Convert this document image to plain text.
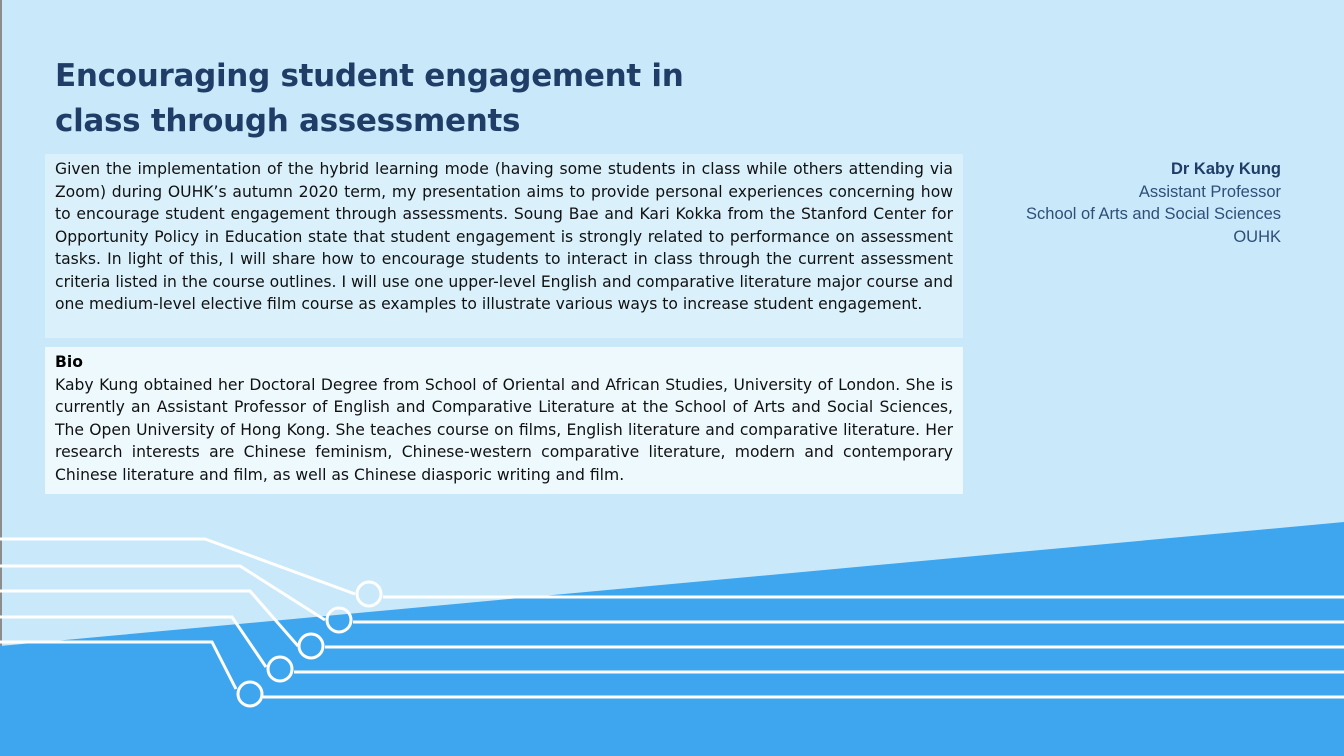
Encouraging student engagement in class through assessments

Given the implementation of the hybrid learning mode (having some students in class while others attending via Zoom) during OUHK’s autumn 2020 term, my presentation aims to provide personal experiences concerning how to encourage student engagement through assessments. Soung Bae and Kari Kokka from the Stanford Center for Opportunity Policy in Education state that student engagement is strongly related to performance on assessment tasks. In light of this, I will share how to encourage students to interact in class through the current assessment criteria listed in the course outlines. I will use one upper-level English and comparative literature major course and one medium-level elective film course as examples to illustrate various ways to increase student engagement.

Bio

Kaby Kung obtained her Doctoral Degree from School of Oriental and African Studies, University of London. She is currently an Assistant Professor of English and Comparative Literature at the School of Arts and Social Sciences, The Open University of Hong Kong. She teaches course on films, English literature and comparative literature. Her research interests are Chinese feminism, Chinese-western comparative literature, modern and contemporary Chinese literature and film, as well as Chinese diasporic writing and film.

Dr Kaby Kung
Assistant Professor
School of Arts and Social Sciences
OUHK
